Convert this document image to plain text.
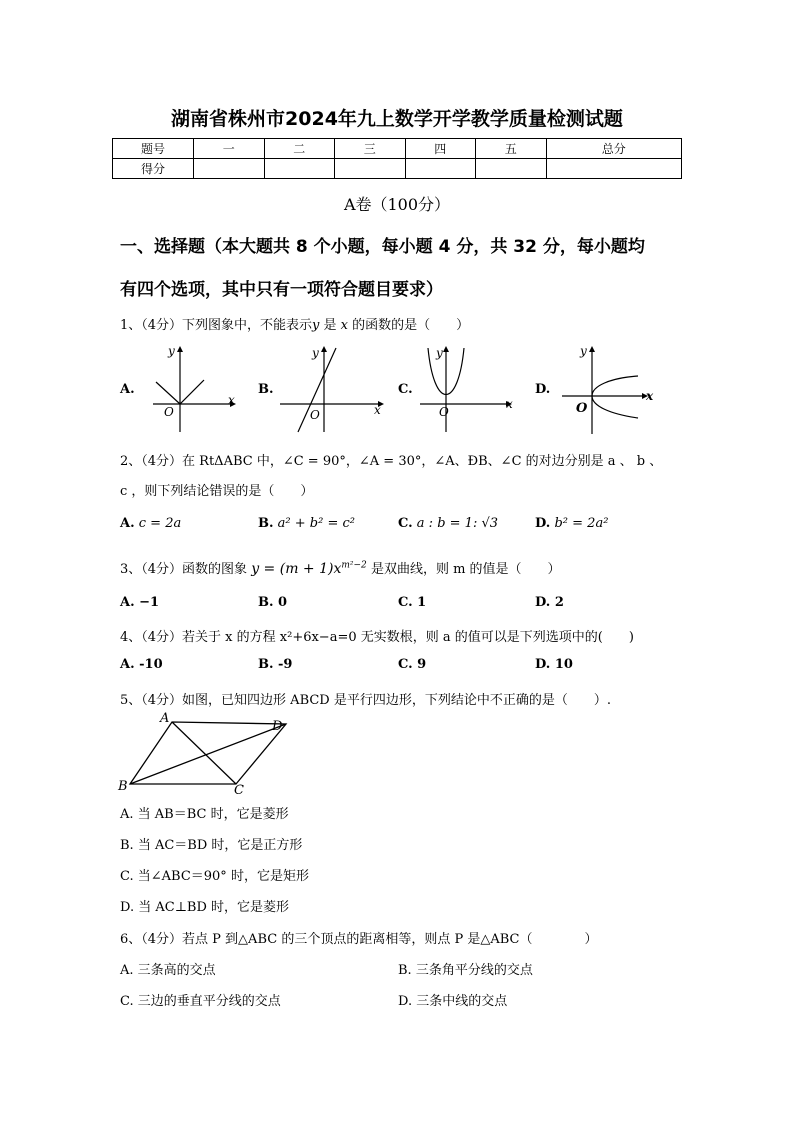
湖南省株州市2024年九上数学开学教学质量检测试题
题号	一	二	三	四	五	总分
得分						
A卷（100分）
一、选择题（本大题共 8 个小题，每小题 4 分，共 32 分，每小题均
有四个选项，其中只有一项符合题目要求）
1、（4分）下列图象中，不能表示y 是 x 的函数的是（　　）
A.
y
x
O
B.
y
x
O
C.
y
x
O
D.
y
x
O
2、（4分）在 RtΔABC 中，∠C = 90°，∠A = 30°，∠A、ÐB、∠C 的对边分别是 a 、 b 、
c ，则下列结论错误的是（　　）
A. c = 2a	B. a² + b² = c²	C. a : b = 1: √3	D. b² = 2a²
3、（4分）函数的图象 $y = (m + 1)x^{m^2-2}$ 是双曲线，则 m 的值是（　　）
A. −1	B. 0	C. 1	D. 2
4、（4分）若关于 x 的方程 x²+6x−a=0 无实数根，则 a 的值可以是下列选项中的(　　)
A. -10	B. -9	C. 9	D. 10
5、（4分）如图，已知四边形 ABCD 是平行四边形，下列结论中不正确的是（　　）.
A
D
B	C
A. 当 AB＝BC 时，它是菱形
B. 当 AC＝BD 时，它是正方形
C. 当∠ABC＝90° 时，它是矩形
D. 当 AC⊥BD 时，它是菱形
6、（4分）若点 P 到△ABC 的三个顶点的距离相等，则点 P 是△ABC（　　　　）
A. 三条高的交点	B. 三条角平分线的交点
C. 三边的垂直平分线的交点	D. 三条中线的交点
